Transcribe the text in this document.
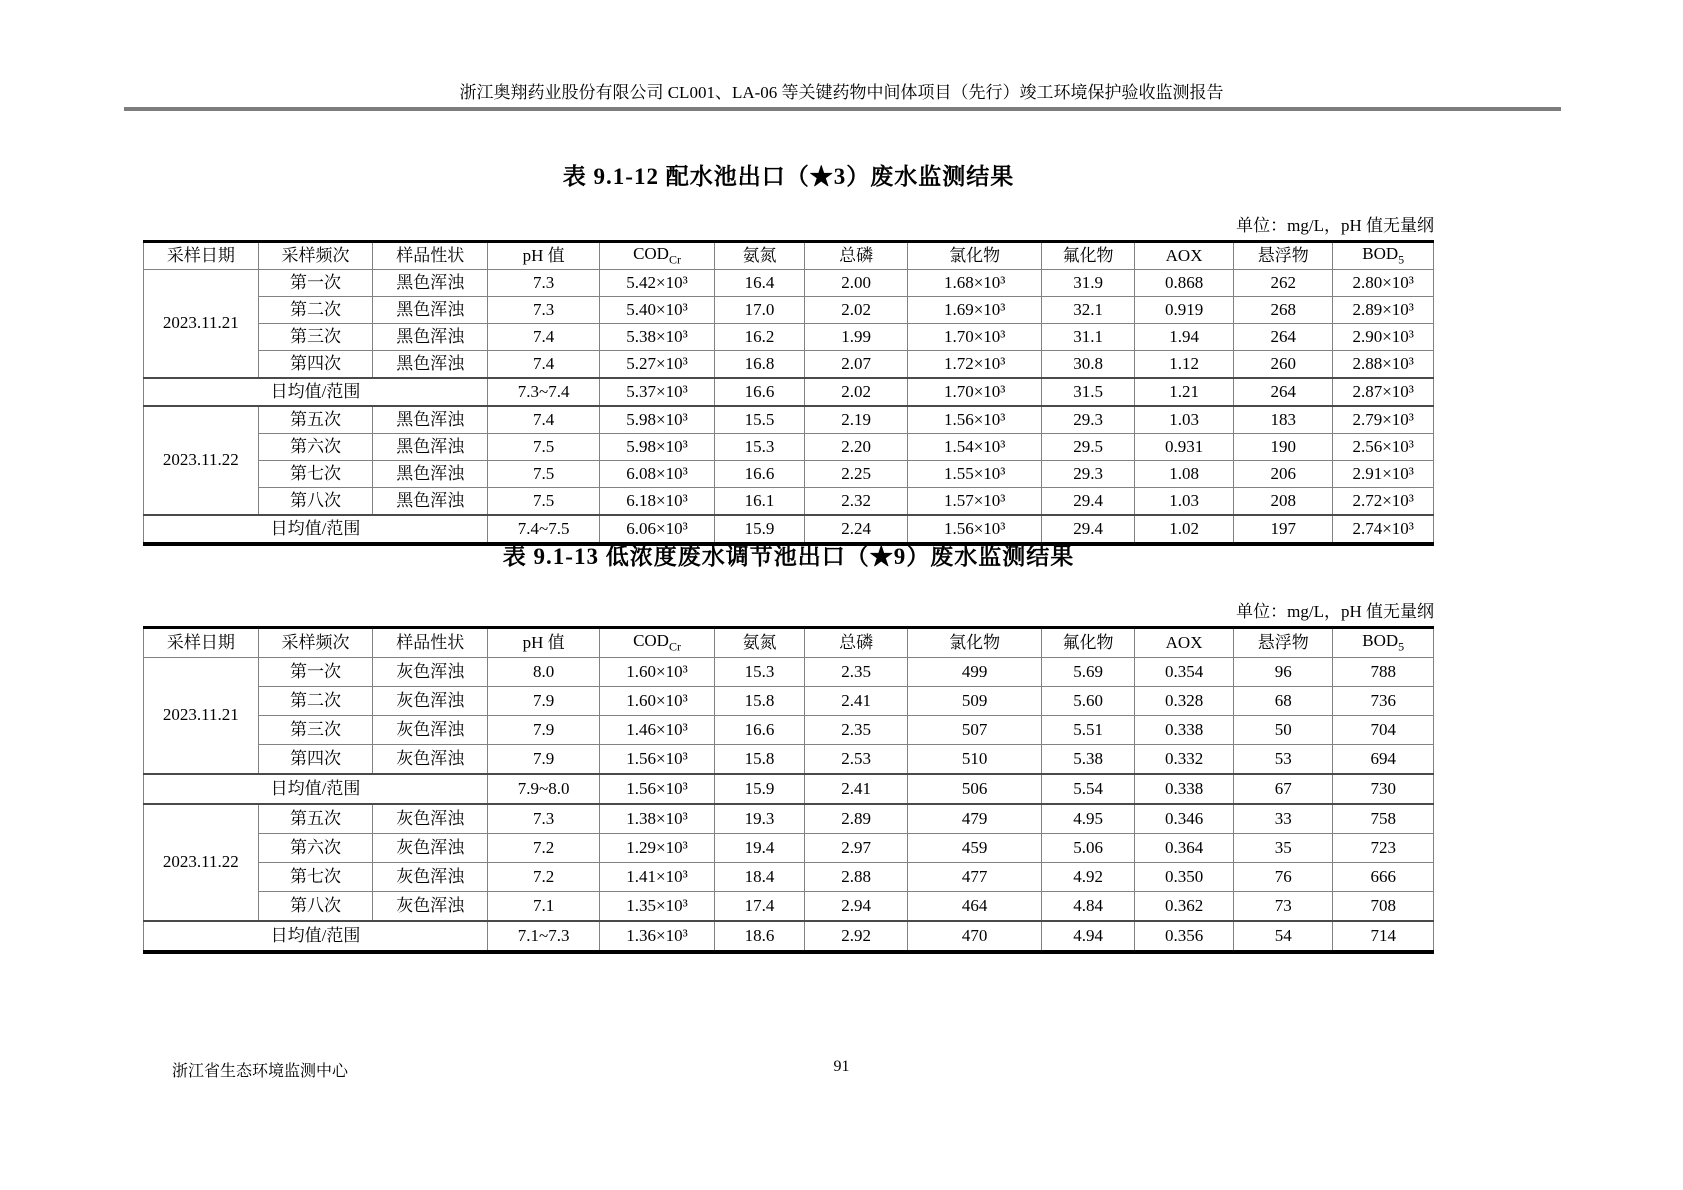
浙江奥翔药业股份有限公司 CL001、LA-06 等关键药物中间体项目（先行）竣工环境保护验收监测报告
表 9.1-12 配水池出口（★3）废水监测结果
单位：mg/L，pH 值无量纲
采样日期	采样频次	样品性状	pH 值	$COD_{Cr}$	氨氮	总磷	氯化物	氟化物	AOX	悬浮物	$BOD_5$
2023.11.21	第一次	黑色浑浊	7.3	5.42×10³	16.4	2.00	1.68×10³	31.9	0.868	262	2.80×10³
	第二次	黑色浑浊	7.3	5.40×10³	17.0	2.02	1.69×10³	32.1	0.919	268	2.89×10³
	第三次	黑色浑浊	7.4	5.38×10³	16.2	1.99	1.70×10³	31.1	1.94	264	2.90×10³
	第四次	黑色浑浊	7.4	5.27×10³	16.8	2.07	1.72×10³	30.8	1.12	260	2.88×10³
日均值/范围			7.3~7.4	5.37×10³	16.6	2.02	1.70×10³	31.5	1.21	264	2.87×10³
2023.11.22	第五次	黑色浑浊	7.4	5.98×10³	15.5	2.19	1.56×10³	29.3	1.03	183	2.79×10³
	第六次	黑色浑浊	7.5	5.98×10³	15.3	2.20	1.54×10³	29.5	0.931	190	2.56×10³
	第七次	黑色浑浊	7.5	6.08×10³	16.6	2.25	1.55×10³	29.3	1.08	206	2.91×10³
	第八次	黑色浑浊	7.5	6.18×10³	16.1	2.32	1.57×10³	29.4	1.03	208	2.72×10³
日均值/范围			7.4~7.5	6.06×10³	15.9	2.24	1.56×10³	29.4	1.02	197	2.74×10³
表 9.1-13 低浓度废水调节池出口（★9）废水监测结果
单位：mg/L，pH 值无量纲
采样日期	采样频次	样品性状	pH 值	$COD_{Cr}$	氨氮	总磷	氯化物	氟化物	AOX	悬浮物	$BOD_5$
2023.11.21	第一次	灰色浑浊	8.0	1.60×10³	15.3	2.35	499	5.69	0.354	96	788
	第二次	灰色浑浊	7.9	1.60×10³	15.8	2.41	509	5.60	0.328	68	736
	第三次	灰色浑浊	7.9	1.46×10³	16.6	2.35	507	5.51	0.338	50	704
	第四次	灰色浑浊	7.9	1.56×10³	15.8	2.53	510	5.38	0.332	53	694
日均值/范围			7.9~8.0	1.56×10³	15.9	2.41	506	5.54	0.338	67	730
2023.11.22	第五次	灰色浑浊	7.3	1.38×10³	19.3	2.89	479	4.95	0.346	33	758
	第六次	灰色浑浊	7.2	1.29×10³	19.4	2.97	459	5.06	0.364	35	723
	第七次	灰色浑浊	7.2	1.41×10³	18.4	2.88	477	4.92	0.350	76	666
	第八次	灰色浑浊	7.1	1.35×10³	17.4	2.94	464	4.84	0.362	73	708
日均值/范围			7.1~7.3	1.36×10³	18.6	2.92	470	4.94	0.356	54	714
浙江省生态环境监测中心	91
